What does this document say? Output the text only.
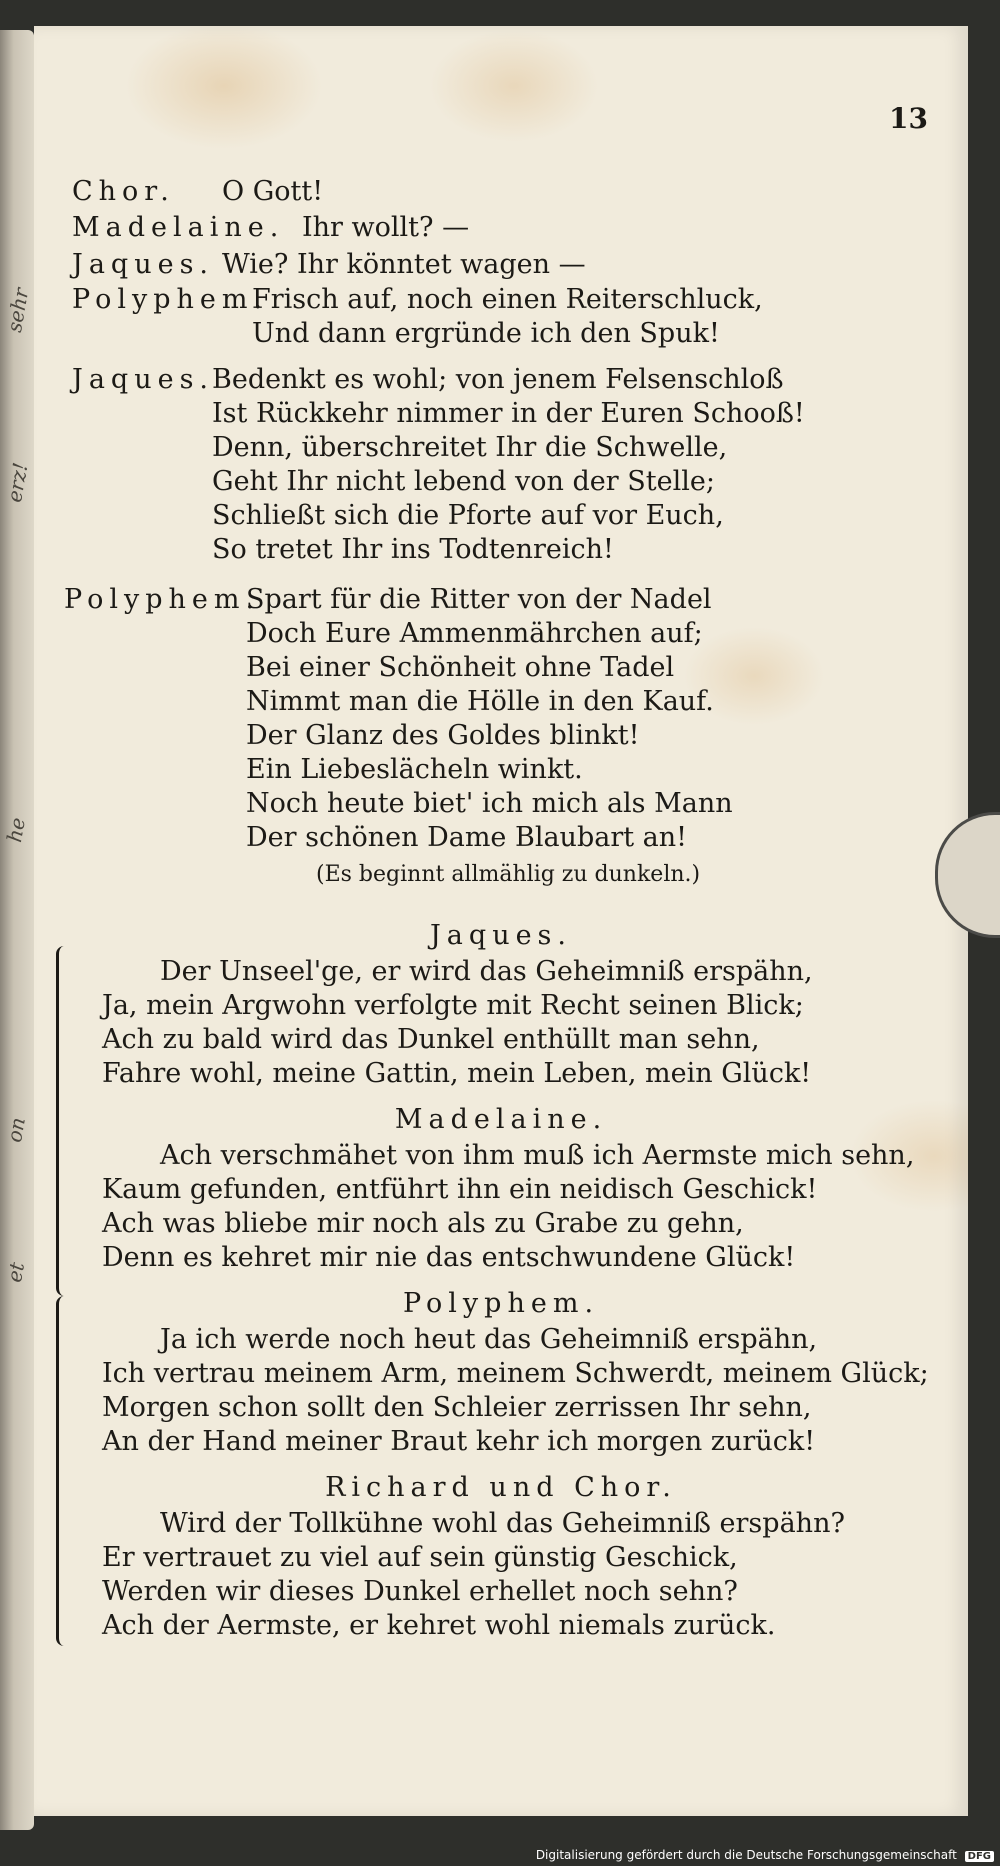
sehr
erz!
he
on
et
13
Chor. O Gott!
Madelaine. Ihr wollt? —
Jaques. Wie? Ihr könntet wagen —
Polyphem.
Frisch auf, noch einen Reiterschluck,
Und dann ergründe ich den Spuk!
Jaques.
Bedenkt es wohl; von jenem Felsenschloß
Ist Rückkehr nimmer in der Euren Schooß!
Denn, überschreitet Ihr die Schwelle,
Geht Ihr nicht lebend von der Stelle;
Schließt sich die Pforte auf vor Euch,
So tretet Ihr ins Todtenreich!
Polyphem.
Spart für die Ritter von der Nadel
Doch Eure Ammenmährchen auf;
Bei einer Schönheit ohne Tadel
Nimmt man die Hölle in den Kauf.
Der Glanz des Goldes blinkt!
Ein Liebeslächeln winkt.
Noch heute biet' ich mich als Mann
Der schönen Dame Blaubart an!
(Es beginnt allmählig zu dunkeln.)
Jaques.
Der Unseel'ge, er wird das Geheimniß erspähn,
Ja, mein Argwohn verfolgte mit Recht seinen Blick;
Ach zu bald wird das Dunkel enthüllt man sehn,
Fahre wohl, meine Gattin, mein Leben, mein Glück!
Madelaine.
Ach verschmähet von ihm muß ich Aermste mich sehn,
Kaum gefunden, entführt ihn ein neidisch Geschick!
Ach was bliebe mir noch als zu Grabe zu gehn,
Denn es kehret mir nie das entschwundene Glück!
Polyphem.
Ja ich werde noch heut das Geheimniß erspähn,
Ich vertrau meinem Arm, meinem Schwerdt, meinem Glück;
Morgen schon sollt den Schleier zerrissen Ihr sehn,
An der Hand meiner Braut kehr ich morgen zurück!
Richard und Chor.
Wird der Tollkühne wohl das Geheimniß erspähn?
Er vertrauet zu viel auf sein günstig Geschick,
Werden wir dieses Dunkel erhellet noch sehn?
Ach der Aermste, er kehret wohl niemals zurück.
Digitalisierung gefördert durch die Deutsche Forschungsgemeinschaft DFG
